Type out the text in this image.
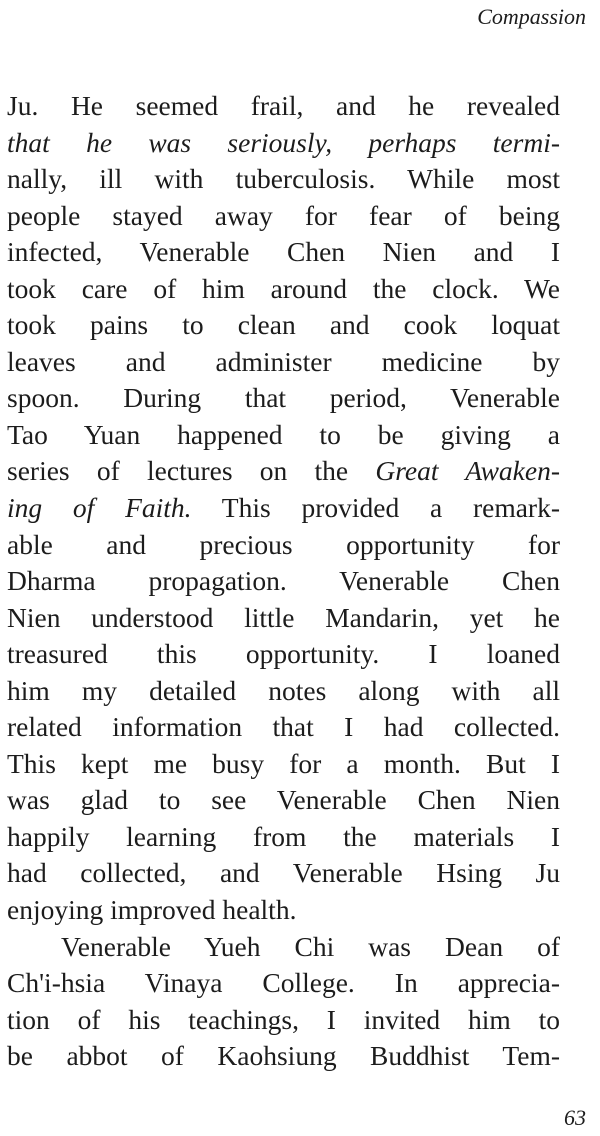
Compassion
Ju. He seemed frail, and he revealed
that he was seriously, perhaps termi-
nally, ill with tuberculosis. While most
people stayed away for fear of being
infected, Venerable Chen Nien and I
took care of him around the clock. We
took pains to clean and cook loquat
leaves and administer medicine by
spoon. During that period, Venerable
Tao Yuan happened to be giving a
series of lectures on the Great Awaken-
ing of Faith. This provided a remark-
able and precious opportunity for
Dharma propagation. Venerable Chen
Nien understood little Mandarin, yet he
treasured this opportunity. I loaned
him my detailed notes along with all
related information that I had collected.
This kept me busy for a month. But I
was glad to see Venerable Chen Nien
happily learning from the materials I
had collected, and Venerable Hsing Ju
enjoying improved health.
Venerable Yueh Chi was Dean of
Ch'i-hsia Vinaya College. In apprecia-
tion of his teachings, I invited him to
be abbot of Kaohsiung Buddhist Tem-
63
